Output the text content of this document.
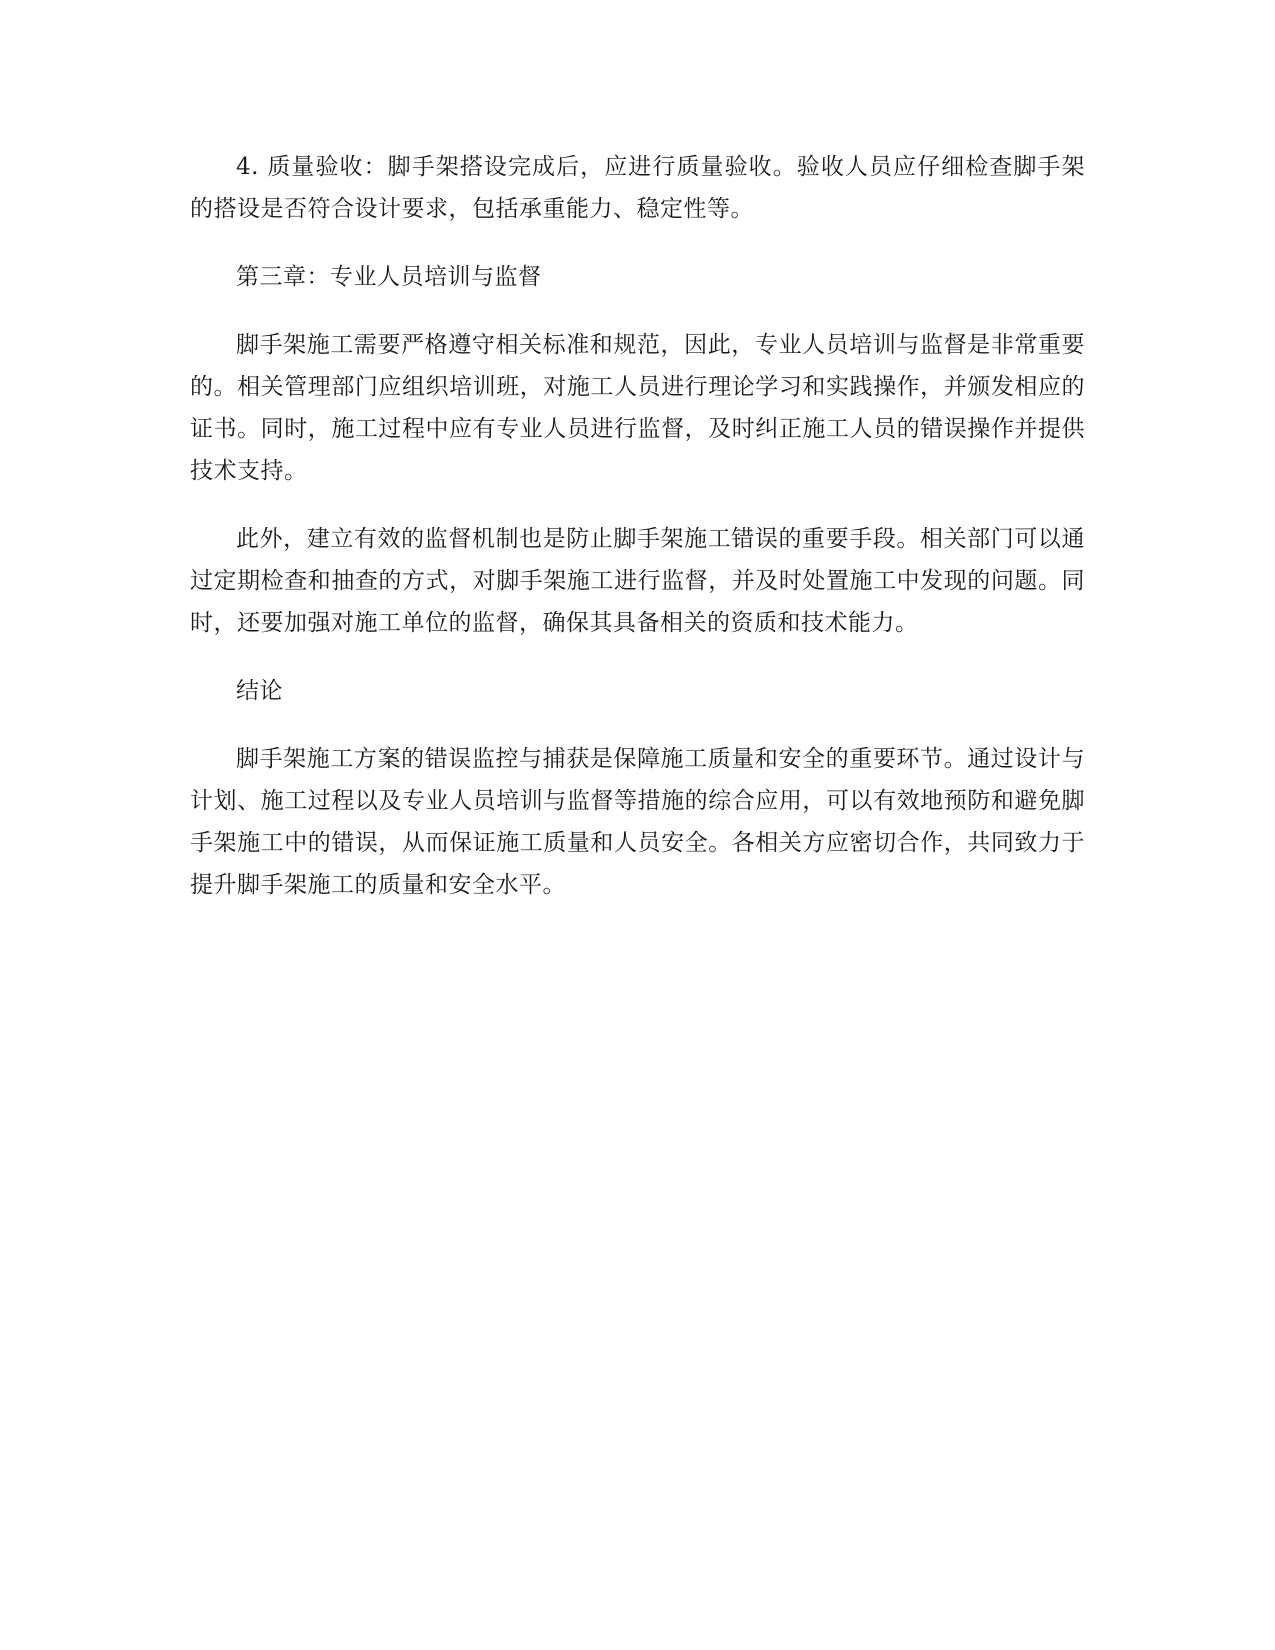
4. 质量验收：脚手架搭设完成后，应进行质量验收。验收人员应仔细检查脚手架的搭设是否符合设计要求，包括承重能力、稳定性等。

第三章：专业人员培训与监督

脚手架施工需要严格遵守相关标准和规范，因此，专业人员培训与监督是非常重要的。相关管理部门应组织培训班，对施工人员进行理论学习和实践操作，并颁发相应的证书。同时，施工过程中应有专业人员进行监督，及时纠正施工人员的错误操作并提供技术支持。

此外，建立有效的监督机制也是防止脚手架施工错误的重要手段。相关部门可以通过定期检查和抽查的方式，对脚手架施工进行监督，并及时处置施工中发现的问题。同时，还要加强对施工单位的监督，确保其具备相关的资质和技术能力。

结论

脚手架施工方案的错误监控与捕获是保障施工质量和安全的重要环节。通过设计与计划、施工过程以及专业人员培训与监督等措施的综合应用，可以有效地预防和避免脚手架施工中的错误，从而保证施工质量和人员安全。各相关方应密切合作，共同致力于提升脚手架施工的质量和安全水平。
